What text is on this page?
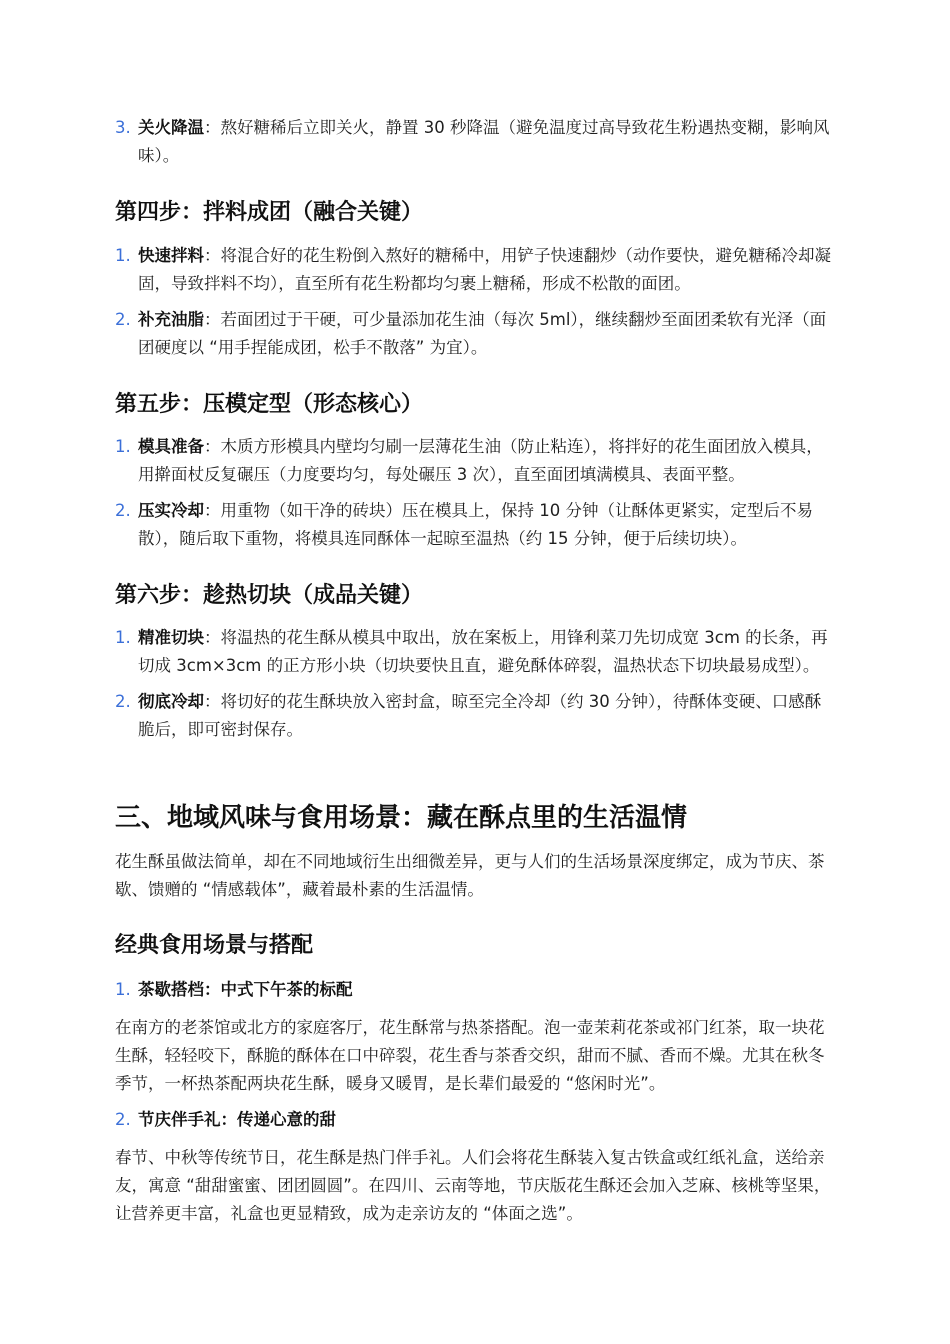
3. 关火降温：熬好糖稀后立即关火，静置 30 秒降温（避免温度过高导致花生粉遇热变糊，影响风味）。

第四步：拌料成团（融合关键）

1. 快速拌料：将混合好的花生粉倒入熬好的糖稀中，用铲子快速翻炒（动作要快，避免糖稀冷却凝固，导致拌料不均），直至所有花生粉都均匀裹上糖稀，形成不松散的面团。

2. 补充油脂：若面团过于干硬，可少量添加花生油（每次 5ml），继续翻炒至面团柔软有光泽（面团硬度以 “用手捏能成团，松手不散落” 为宜）。

第五步：压模定型（形态核心）

1. 模具准备：木质方形模具内壁均匀刷一层薄花生油（防止粘连），将拌好的花生面团放入模具，用擀面杖反复碾压（力度要均匀，每处碾压 3 次），直至面团填满模具、表面平整。

2. 压实冷却：用重物（如干净的砖块）压在模具上，保持 10 分钟（让酥体更紧实，定型后不易散），随后取下重物，将模具连同酥体一起晾至温热（约 15 分钟，便于后续切块）。

第六步：趁热切块（成品关键）

1. 精准切块：将温热的花生酥从模具中取出，放在案板上，用锋利菜刀先切成宽 3cm 的长条，再切成 3cm×3cm 的正方形小块（切块要快且直，避免酥体碎裂，温热状态下切块最易成型）。

2. 彻底冷却：将切好的花生酥块放入密封盒，晾至完全冷却（约 30 分钟），待酥体变硬、口感酥脆后，即可密封保存。

三、地域风味与食用场景：藏在酥点里的生活温情

花生酥虽做法简单，却在不同地域衍生出细微差异，更与人们的生活场景深度绑定，成为节庆、茶歇、馈赠的 “情感载体”，藏着最朴素的生活温情。

经典食用场景与搭配

1. 茶歇搭档：中式下午茶的标配

在南方的老茶馆或北方的家庭客厅，花生酥常与热茶搭配。泡一壶茉莉花茶或祁门红茶，取一块花生酥，轻轻咬下，酥脆的酥体在口中碎裂，花生香与茶香交织，甜而不腻、香而不燥。尤其在秋冬季节，一杯热茶配两块花生酥，暖身又暖胃，是长辈们最爱的 “悠闲时光”。

2. 节庆伴手礼：传递心意的甜

春节、中秋等传统节日，花生酥是热门伴手礼。人们会将花生酥装入复古铁盒或红纸礼盒，送给亲友，寓意 “甜甜蜜蜜、团团圆圆”。在四川、云南等地，节庆版花生酥还会加入芝麻、核桃等坚果，让营养更丰富，礼盒也更显精致，成为走亲访友的 “体面之选”。
